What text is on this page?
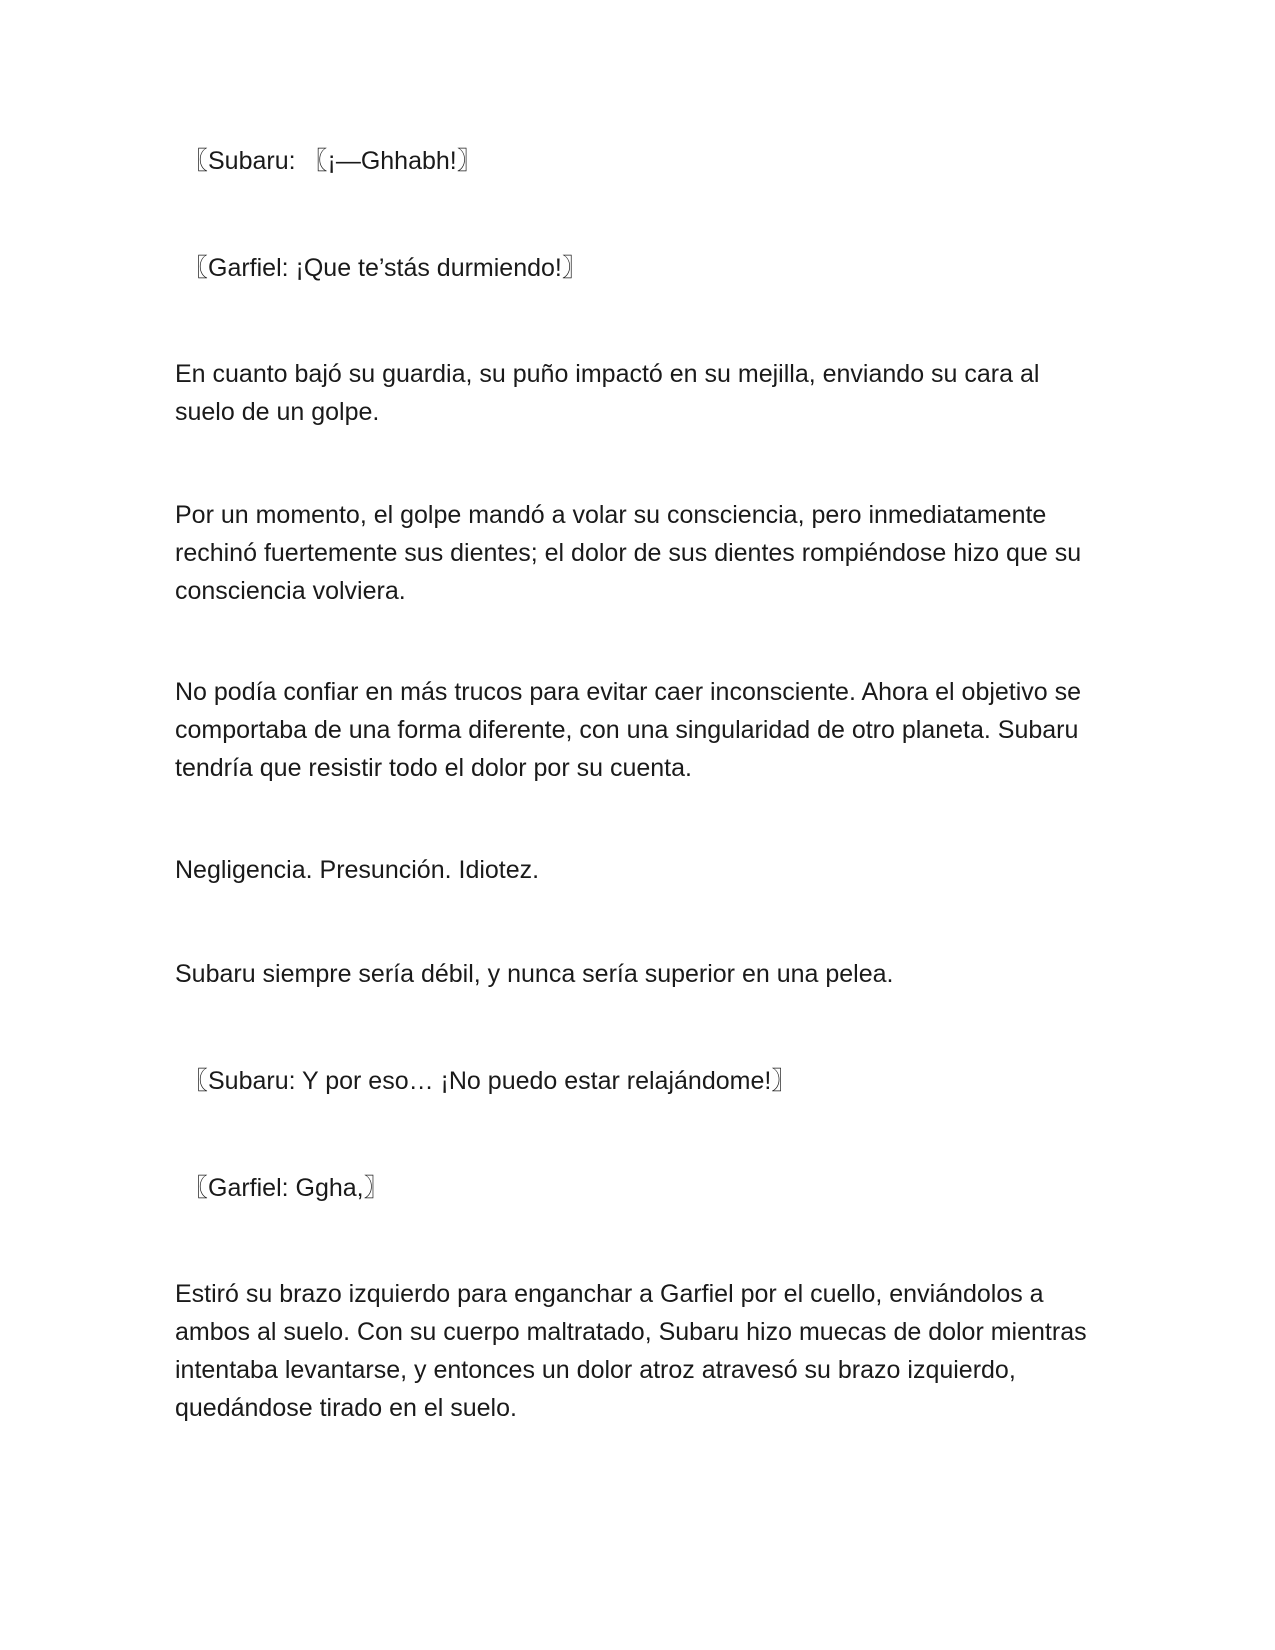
〖Subaru: 〖¡—Ghhabh!〗

〖Garfiel: ¡Que te’stás durmiendo!〗

En cuanto bajó su guardia, su puño impactó en su mejilla, enviando su cara al suelo de un golpe.

Por un momento, el golpe mandó a volar su consciencia, pero inmediatamente rechinó fuertemente sus dientes; el dolor de sus dientes rompiéndose hizo que su consciencia volviera.

No podía confiar en más trucos para evitar caer inconsciente. Ahora el objetivo se comportaba de una forma diferente, con una singularidad de otro planeta. Subaru tendría que resistir todo el dolor por su cuenta.

Negligencia. Presunción. Idiotez.

Subaru siempre sería débil, y nunca sería superior en una pelea.

〖Subaru: Y por eso… ¡No puedo estar relajándome!〗

〖Garfiel: Ggha,〗

Estiró su brazo izquierdo para enganchar a Garfiel por el cuello, enviándolos a ambos al suelo. Con su cuerpo maltratado, Subaru hizo muecas de dolor mientras intentaba levantarse, y entonces un dolor atroz atravesó su brazo izquierdo, quedándose tirado en el suelo.
